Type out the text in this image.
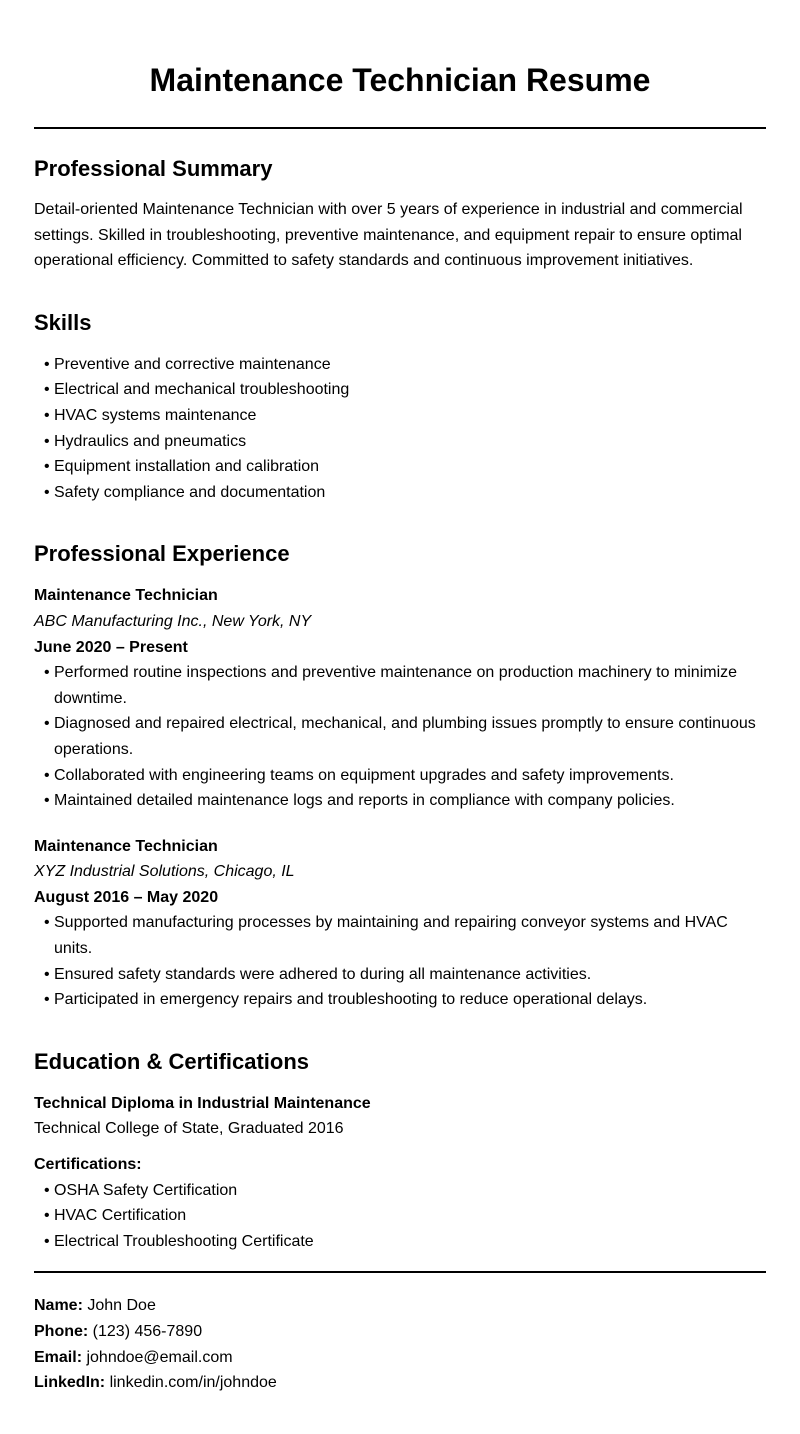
Maintenance Technician Resume
Professional Summary

Detail-oriented Maintenance Technician with over 5 years of experience in industrial and commercial settings. Skilled in troubleshooting, preventive maintenance, and equipment repair to ensure optimal operational efficiency. Committed to safety standards and continuous improvement initiatives.

Skills
• Preventive and corrective maintenance
• Electrical and mechanical troubleshooting
• HVAC systems maintenance
• Hydraulics and pneumatics
• Equipment installation and calibration
• Safety compliance and documentation
Professional Experience
Maintenance Technician
ABC Manufacturing Inc., New York, NY
June 2020 – Present
• Performed routine inspections and preventive maintenance on production machinery to minimize downtime.
• Diagnosed and repaired electrical, mechanical, and plumbing issues promptly to ensure continuous operations.
• Collaborated with engineering teams on equipment upgrades and safety improvements.
• Maintained detailed maintenance logs and reports in compliance with company policies.
Maintenance Technician
XYZ Industrial Solutions, Chicago, IL
August 2016 – May 2020
• Supported manufacturing processes by maintaining and repairing conveyor systems and HVAC units.
• Ensured safety standards were adhered to during all maintenance activities.
• Participated in emergency repairs and troubleshooting to reduce operational delays.
Education & Certifications
Technical Diploma in Industrial Maintenance
Technical College of State, Graduated 2016
Certifications:
• OSHA Safety Certification
• HVAC Certification
• Electrical Troubleshooting Certificate
Name: John Doe
Phone: (123) 456-7890
Email: johndoe@email.com
LinkedIn: linkedin.com/in/johndoe
